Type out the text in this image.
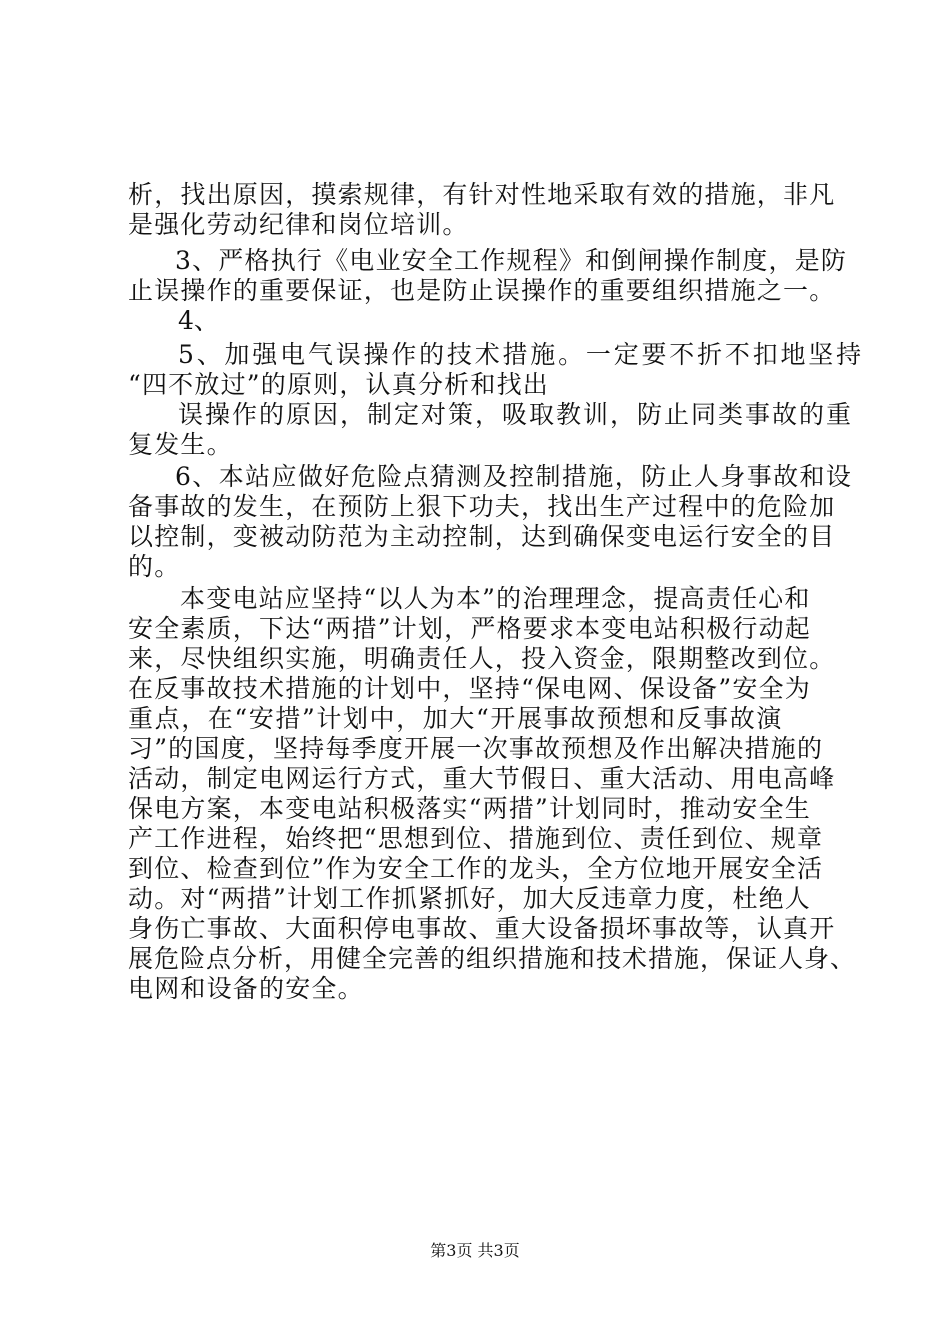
析，找出原因，摸索规律，有针对性地采取有效的措施，非凡
是强化劳动纪律和岗位培训。
3、严格执行《电业安全工作规程》和倒闸操作制度，是防
止误操作的重要保证，也是防止误操作的重要组织措施之一。
4、
5、加强电气误操作的技术措施。一定要不折不扣地坚持
“四不放过”的原则，认真分析和找出
误操作的原因，制定对策，吸取教训，防止同类事故的重
复发生。
6、本站应做好危险点猜测及控制措施，防止人身事故和设
备事故的发生，在预防上狠下功夫，找出生产过程中的危险加
以控制，变被动防范为主动控制，达到确保变电运行安全的目
的。
本变电站应坚持“以人为本”的治理理念，提高责任心和
安全素质，下达“两措”计划，严格要求本变电站积极行动起
来，尽快组织实施，明确责任人，投入资金，限期整改到位。
在反事故技术措施的计划中，坚持“保电网、保设备”安全为
重点，在“安措”计划中，加大“开展事故预想和反事故演
习”的国度，坚持每季度开展一次事故预想及作出解决措施的
活动，制定电网运行方式，重大节假日、重大活动、用电高峰
保电方案，本变电站积极落实“两措”计划同时，推动安全生
产工作进程，始终把“思想到位、措施到位、责任到位、规章
到位、检查到位”作为安全工作的龙头，全方位地开展安全活
动。对“两措”计划工作抓紧抓好，加大反违章力度，杜绝人
身伤亡事故、大面积停电事故、重大设备损坏事故等，认真开
展危险点分析，用健全完善的组织措施和技术措施，保证人身、
电网和设备的安全。
第3页 共3页
